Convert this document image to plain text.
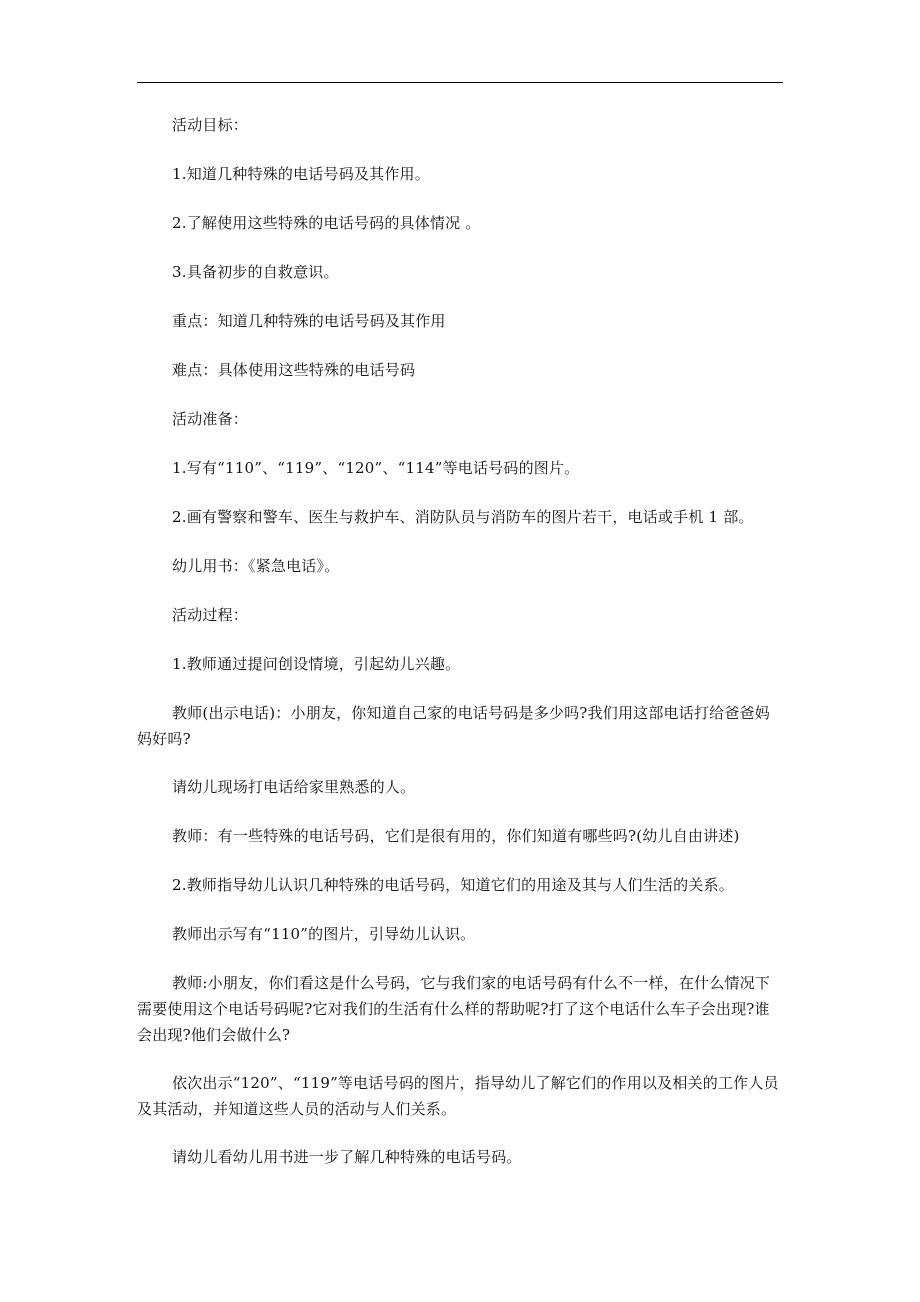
活动目标：

1.知道几种特殊的电话号码及其作用。

2.了解使用这些特殊的电话号码的具体情况 。

3.具备初步的自救意识。

重点：知道几种特殊的电话号码及其作用

难点：具体使用这些特殊的电话号码

活动准备：

1.写有“110”、“119”、“120”、“114”等电话号码的图片。

2.画有警察和警车、医生与救护车、消防队员与消防车的图片若干，电话或手机 1 部。

幼儿用书：《紧急电话》。

活动过程：

1.教师通过提问创设情境，引起幼儿兴趣。

教师(出示电话)：小朋友，你知道自己家的电话号码是多少吗?我们用这部电话打给爸爸妈妈好吗?

请幼儿现场打电话给家里熟悉的人。

教师：有一些特殊的电话号码，它们是很有用的，你们知道有哪些吗?(幼儿自由讲述)

2.教师指导幼儿认识几种特殊的电话号码，知道它们的用途及其与人们生活的关系。

教师出示写有“110”的图片，引导幼儿认识。

教师:小朋友，你们看这是什么号码，它与我们家的电话号码有什么不一样，在什么情况下需要使用这个电话号码呢?它对我们的生活有什么样的帮助呢?打了这个电话什么车子会出现?谁会出现?他们会做什么?

依次出示“120”、“119”等电话号码的图片，指导幼儿了解它们的作用以及相关的工作人员及其活动，并知道这些人员的活动与人们关系。

请幼儿看幼儿用书进一步了解几种特殊的电话号码。
